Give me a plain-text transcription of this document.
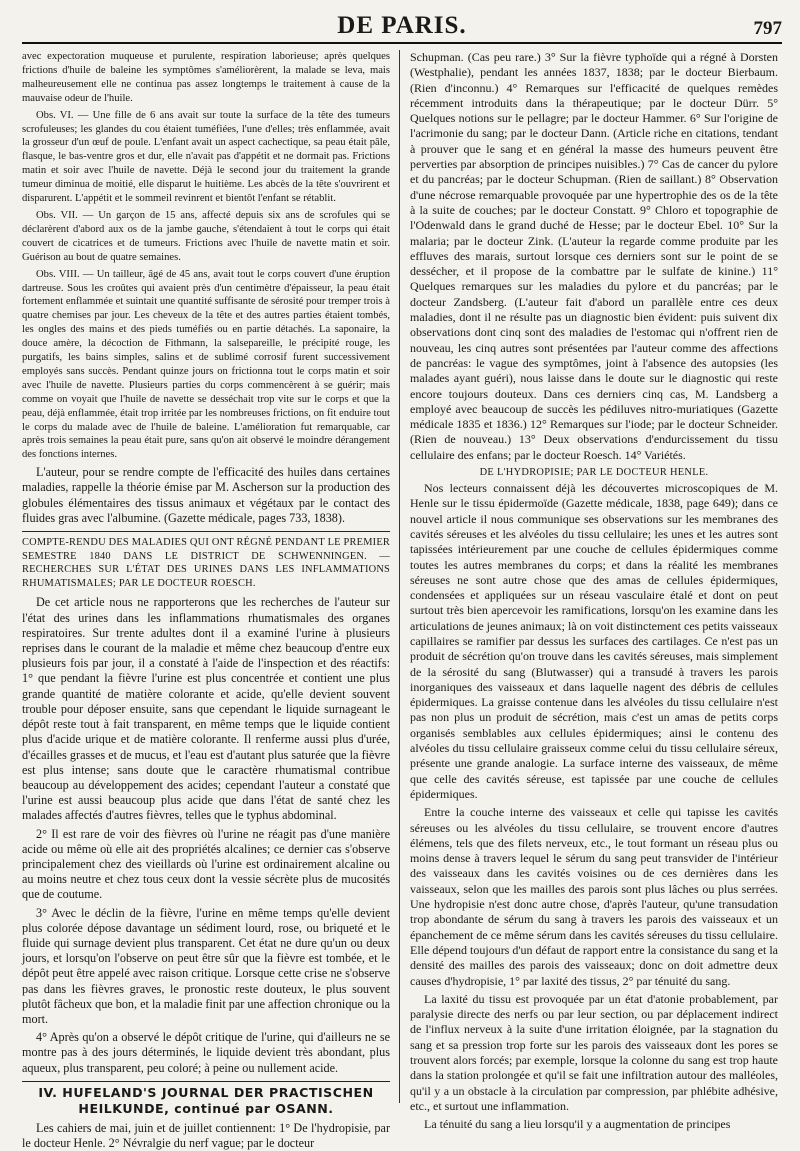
DE PARIS.	797

avec expectoration muqueuse et purulente, respiration laborieuse; après quelques frictions d'huile de baleine les symptômes s'améliorèrent, la malade se leva, mais malheureusement elle ne continua pas assez longtemps le traitement à cause de la mauvaise odeur de l'huile.

Obs. VI. — Une fille de 6 ans avait sur toute la surface de la tête des tumeurs scrofuleuses; les glandes du cou étaient tuméfiées, l'une d'elles; très enflammée, avait la grosseur d'un œuf de poule. L'enfant avait un aspect cachectique, sa peau était pâle, flasque, le bas-ventre gros et dur, elle n'avait pas d'appétit et ne dormait pas. Frictions matin et soir avec l'huile de navette. Déjà le second jour du traitement la grande tumeur diminua de moitié, elle disparut le huitième. Les abcès de la tête s'ouvrirent et disparurent. L'appétit et le sommeil revinrent et bientôt l'enfant se rétablit.

Obs. VII. — Un garçon de 15 ans, affecté depuis six ans de scrofules qui se déclarèrent d'abord aux os de la jambe gauche, s'étendaient à tout le corps qui était couvert de cicatrices et de tumeurs. Frictions avec l'huile de navette matin et soir. Guérison au bout de quatre semaines.

Obs. VIII. — Un tailleur, âgé de 45 ans, avait tout le corps couvert d'une éruption dartreuse. Sous les croûtes qui avaient près d'un centimètre d'épaisseur, la peau était fortement enflammée et suintait une quantité suffisante de sérosité pour tremper trois à quatre chemises par jour. Les cheveux de la tête et des autres parties étaient tombés, les ongles des mains et des pieds tuméfiés ou en partie détachés. La saponaire, la douce amère, la décoction de Fithmann, la salsepareille, le précipité rouge, les purgatifs, les bains simples, salins et de sublimé corrosif furent successivement employés sans succès. Pendant quinze jours on frictionna tout le corps matin et soir avec l'huile de navette. Plusieurs parties du corps commencèrent à se guérir; mais comme on voyait que l'huile de navette se desséchait trop vite sur le corps et que la peau, déjà enflammée, était trop irritée par les nombreuses frictions, on fit enduire tout le corps du malade avec de l'huile de baleine. L'amélioration fut remarquable, car après trois semaines la peau était pure, sans qu'on ait observé le moindre dérangement des fonctions internes.

L'auteur, pour se rendre compte de l'efficacité des huiles dans certaines maladies, rappelle la théorie émise par M. Ascherson sur la production des globules élémentaires des tissus animaux et végétaux par le contact des fluides gras avec l'albumine. (Gazette médicale, pages 733, 1838).

COMPTE-RENDU DES MALADIES QUI ONT RÉGNÉ PENDANT LE PREMIER SEMESTRE 1840 DANS LE DISTRICT DE SCHWENNINGEN. — RECHERCHES SUR L'ÉTAT DES URINES DANS LES INFLAMMATIONS RHUMATISMALES; PAR LE DOCTEUR ROESCH.

De cet article nous ne rapporterons que les recherches de l'auteur sur l'état des urines dans les inflammations rhumatismales des organes respiratoires. Sur trente adultes dont il a examiné l'urine à plusieurs reprises dans le courant de la maladie et même chez beaucoup d'entre eux plusieurs fois par jour, il a constaté à l'aide de l'inspection et des réactifs: 1° que pendant la fièvre l'urine est plus concentrée et contient une plus grande quantité de matière colorante et acide, qu'elle devient souvent trouble pour déposer ensuite, sans que cependant le liquide surnageant le dépôt reste tout à fait transparent, en même temps que le liquide contient plus d'acide urique et de matière colorante. Il renferme aussi plus d'urée, d'écailles grasses et de mucus, et l'eau est d'autant plus saturée que la fièvre est plus intense; sans doute que le caractère rhumatismal contribue beaucoup au développement des acides; cependant l'auteur a constaté que l'urine est aussi beaucoup plus acide que dans l'état de santé chez les malades affectés d'autres fièvres, telles que le typhus abdominal.

2° Il est rare de voir des fièvres où l'urine ne réagit pas d'une manière acide ou même où elle ait des propriétés alcalines; ce dernier cas s'observe principalement chez des vieillards où l'urine est ordinairement alcaline ou au moins neutre et chez tous ceux dont la vessie sécrète plus de mucosités que de coutume.

3° Avec le déclin de la fièvre, l'urine en même temps qu'elle devient plus colorée dépose davantage un sédiment lourd, rose, ou briqueté et le fluide qui surnage devient plus transparent. Cet état ne dure qu'un ou deux jours, et lorsqu'on l'observe on peut être sûr que la fièvre est tombée, et le dépôt peut être appelé avec raison critique. Lorsque cette crise ne s'observe pas dans les fièvres graves, le pronostic reste douteux, le plus souvent plutôt fâcheux que bon, et la maladie finit par une affection chronique ou la mort.

4° Après qu'on a observé le dépôt critique de l'urine, qui d'ailleurs ne se montre pas à des jours déterminés, le liquide devient très abondant, plus aqueux, plus transparent, peu coloré; à peine ou nullement acide.

IV. HUFELAND'S JOURNAL DER PRACTISCHEN HEILKUNDE, continué par OSANN.

Les cahiers de mai, juin et de juillet contiennent: 1° De l'hydropisie, par le docteur Henle. 2° Névralgie du nerf vague; par le docteur

Schupman. (Cas peu rare.) 3° Sur la fièvre typhoïde qui a régné à Dorsten (Westphalie), pendant les années 1837, 1838; par le docteur Bierbaum. (Rien d'inconnu.) 4° Remarques sur l'efficacité de quelques remèdes récemment introduits dans la thérapeutique; par le docteur Dürr. 5° Quelques notions sur le pellagre; par le docteur Hammer. 6° Sur l'origine de l'acrimonie du sang; par le docteur Dann. (Article riche en citations, tendant à prouver que le sang et en général la masse des humeurs peuvent être perverties par absorption de principes nuisibles.) 7° Cas de cancer du pylore et du pancréas; par le docteur Schupman. (Rien de saillant.) 8° Observation d'une nécrose remarquable provoquée par une hypertrophie des os de la tête à la suite de couches; par le docteur Constatt. 9° Chloro et topographie de l'Odenwald dans le grand duché de Hesse; par le docteur Ebel. 10° Sur la malaria; par le docteur Zink. (L'auteur la regarde comme produite par les effluves des marais, surtout lorsque ces derniers sont sur le point de se dessécher, et il propose de la combattre par le sulfate de kinine.) 11° Quelques remarques sur les maladies du pylore et du pancréas; par le docteur Zandsberg. (L'auteur fait d'abord un parallèle entre ces deux maladies, dont il ne résulte pas un diagnostic bien évident: puis suivent dix observations dont cinq sont des maladies de l'estomac qui n'offrent rien de nouveau, les cinq autres sont présentées par l'auteur comme des affections de pancréas: le vague des symptômes, joint à l'absence des autopsies (les malades ayant guéri), nous laisse dans le doute sur le diagnostic qui reste encore toujours douteux. Dans ces derniers cinq cas, M. Landsberg a employé avec beaucoup de succès les pédiluves nitro-muriatiques (Gazette médicale 1835 et 1836.) 12° Remarques sur l'iode; par le docteur Schneider. (Rien de nouveau.) 13° Deux observations d'endurcissement du tissu cellulaire des enfans; par le docteur Roesch. 14° Variétés.

DE L'HYDROPISIE; PAR LE DOCTEUR HENLE.

Nos lecteurs connaissent déjà les découvertes microscopiques de M. Henle sur le tissu épidermoïde (Gazette médicale, 1838, page 649); dans ce nouvel article il nous communique ses observations sur les membranes des cavités séreuses et les alvéoles du tissu cellulaire; les unes et les autres sont tapissées intérieurement par une couche de cellules épidermiques comme toutes les autres membranes du corps; et dans la réalité les membranes séreuses ne sont autre chose que des amas de cellules épidermiques, condensées et appliquées sur un réseau vasculaire étalé et dont on peut surtout très bien apercevoir les ramifications, lorsqu'on les examine dans les articulations de jeunes animaux; là on voit distinctement ces petits vaisseaux capillaires se ramifier par dessus les surfaces des cartilages. Ce n'est pas un produit de sécrétion qu'on trouve dans les cavités séreuses, mais simplement de la sérosité du sang (Blutwasser) qui a transudé à travers les parois inorganiques des vaisseaux et dans laquelle nagent des débris de cellules épidermiques. La graisse contenue dans les alvéoles du tissu cellulaire n'est pas non plus un produit de sécrétion, mais c'est un amas de petits corps organisés semblables aux cellules épidermiques; ainsi le contenu des alvéoles du tissu cellulaire graisseux comme celui du tissu cellulaire séreux, présente une grande analogie. La surface interne des vaisseaux, de même que celle des cavités séreuse, est tapissée par une couche de cellules épidermiques.

Entre la couche interne des vaisseaux et celle qui tapisse les cavités séreuses ou les alvéoles du tissu cellulaire, se trouvent encore d'autres élémens, tels que des filets nerveux, etc., le tout formant un réseau plus ou moins dense à travers lequel le sérum du sang peut transvider de l'intérieur des vaisseaux dans les cavités voisines ou de ces dernières dans les vaisseaux, selon que les mailles des parois sont plus lâches ou plus serrées. Une hydropisie n'est donc autre chose, d'après l'auteur, qu'une transudation trop abondante de sérum du sang à travers les parois des vaisseaux et un épanchement de ce même sérum dans les cavités séreuses du tissu cellulaire. Elle dépend toujours d'un défaut de rapport entre la consistance du sang et la densité des mailles des parois des vaisseaux; donc on doit admettre deux causes d'hydropisie, 1° par laxité des tissus, 2° par ténuité du sang.

La laxité du tissu est provoquée par un état d'atonie probablement, par paralysie directe des nerfs ou par leur section, ou par déplacement indirect de l'influx nerveux à la suite d'une irritation éloignée, par la stagnation du sang et sa pression trop forte sur les parois des vaisseaux dont les pores se trouvent alors forcés; par exemple, lorsque la colonne du sang est trop haute dans la station prolongée et qu'il se fait une infiltration autour des malléoles, qu'il y a un obstacle à la circulation par compression, par phlébite adhésive, etc., et surtout une inflammation.

La ténuité du sang a lieu lorsqu'il y a augmentation de principes
